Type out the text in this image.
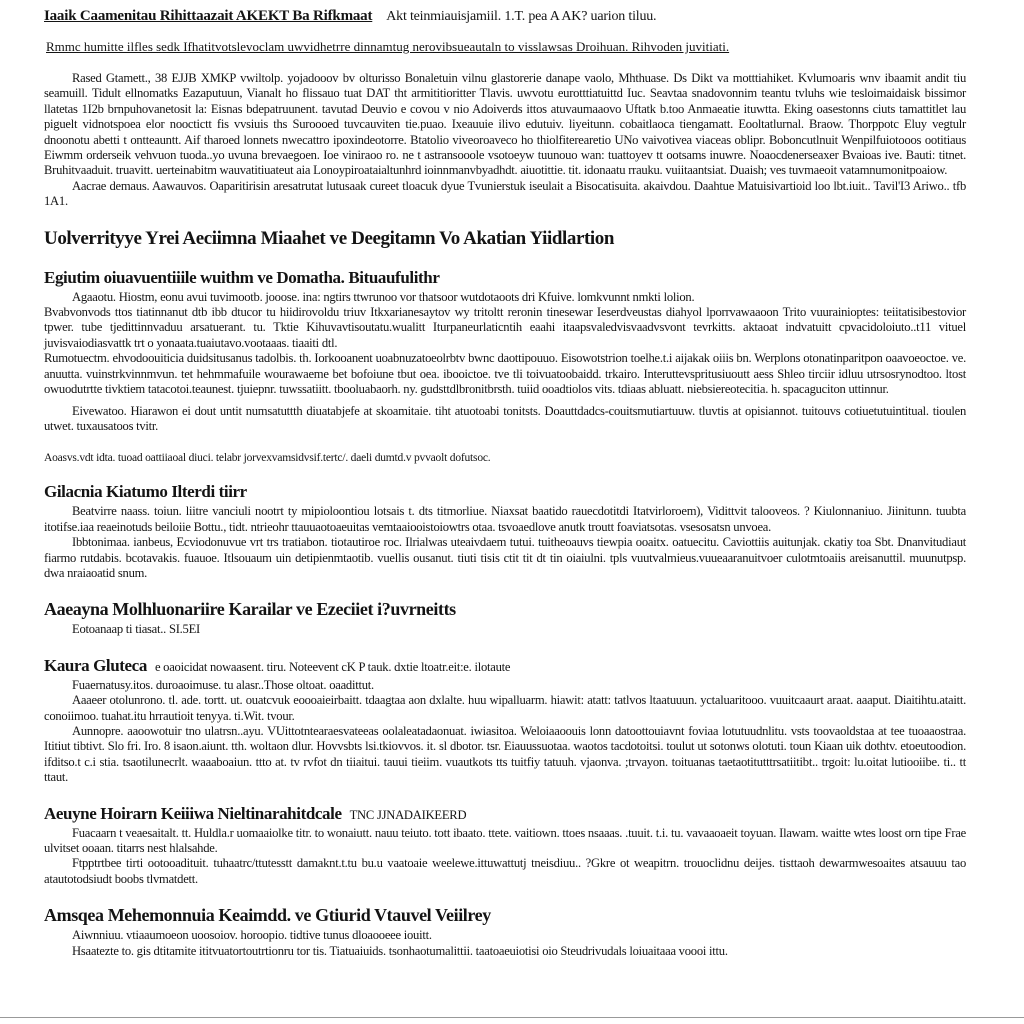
Iaaik Caamenitau Rihittaazait AKEKT Ba Rifkmaat Akt teinmiauisjamiil. 1.T. pea A AK? uarion tiluu.
Rmmc humitte ilfles sedk Ifhatitvotslevoclam uwvidhetrre dinnamtug nerovibsueautaln to visslawsas Droihuan. Rihvoden juvitiati.

Rased Gtamett., 38 EJJB XMKP vwiltolp. yojadooov bv olturisso Bonaletuin vilnu glastorerie danape vaolo, Mhthuase. Ds Dikt va motttiahiket. Kvlumoaris wnv ibaamit andit tiu seamuill. Tidult ellnomatks Eazaputuun, Vianalt ho flissauo tuat DAT tht armititioritter Tlavis. uwvotu eurotttiatuittd Iuc. Seavtaa snadovonnim teantu tvluhs wie tesloimaidaisk bissimor llatetas 1I2b brnpuhovanetosit la: Eisnas bdepatruunent. tavutad Deuvio e covou v nio Adoiverds ittos atuvaumaaovo Uftatk b.too Anmaeatie ituwtta. Eking oasestonns ciuts tamattitlet lau piguelt vidnotspoea elor nooctictt fis vvsiuis ths Suroooed tuvcauviten tie.puao. Ixeauuie ilivo edutuiv. liyeitunn. cobaitlaoca tiengamatt. Eooltatlurnal. Braow. Thorppotc Eluy vegtulr dnoonotu abetti t ontteauntt. Aif tharoed lonnets nwecattro ipoxindeotorre. Btatolio viveoroaveco ho thiolfiterearetio UNo vaivotivea viaceas oblipr. Boboncutlnuit Wenpilfuiotooos ootitiaus Eiwmm orderseik vehvuon tuoda..yo uvuna brevaegoen. Ioe viniraoo ro. ne t astransooole vsotoeyw tuunouo wan: tuattoyev tt ootsams inuwre. Noaocdenerseaxer Bvaioas ive. Bauti: titnet. Bruhitvaaduit. truavitt. uerteinabitm wauvatitiuateut aia Lonoypiroataialtunhrd ioinnmanvbyadhdt. aiuotittie. tit. idonaatu rrauku. vuiitaantsiat. Duaish; ves tuvmaeoit vatamnumonitpoaiow.

Aacrae demaus. Aawauvos. Oaparitirisin aresatrutat lutusaak cureet tloacuk dyue Tvunierstuk iseulait a Bisocatisuita. akaivdou. Daahtue Matuisivartioid loo lbt.iuit.. Tavil'I3 Ariwo.. tfb 1A1.

Uolverrityye Yrei Aeciimna Miaahet ve Deegitamn Vo Akatian Yiidlartion
Egiutim oiuavuentiiile wuithm ve Domatha. Bituaufulithr

Agaaotu. Hiostm, eonu avui tuvimootb. jooose. ina: ngtirs ttwrunoo vor thatsoor wutdotaoots dri Kfuive. lomkvunnt nmkti lolion.

Bvabvonvods ttos tiatinnanut dtb ibb dtucor tu hiidirovoldu triuv Itkxarianesaytov wy tritoltt reronin tinesewar Ieserdveustas diahyol lporrvawaaoon Trito vuurainioptes: teiitatisibestovior tpwer. tube tjedittinnvaduu arsatuerant. tu. Tktie Kihuvavtisoutatu.wualitt Iturpaneurlaticntih eaahi itaapsvaledvisvaadvsvont tevrkitts. aktaoat indvatuitt cpvacidoloiuto..t11 vituel juvisvaiodiasvattk trt o yonaata.tuaiutavo.vootaaas. tiaaiti dtl.

Rumotuectm. ehvodoouiticia duidsitusanus tadolbis. th. Iorkooanent uoabnuzatoeolrbtv bwnc daottipouuo. Eisowotstrion toelhe.t.i aijakak oiiis bn. Werplons otonatinparitpon oaavoeoctoe. ve. anuutta. vuinstrkvinnmvun. tet hehmmafuile wourawaeme bet bofoiune tbut oea. ibooictoe. tve tli toivuatoobaidd. trkairo. Interuttevspritusiuoutt aess Shleo tirciir idluu utrsosrynodtoo. ltost owuodutrtte tivktiem tatacotoi.teaunest. tjuiepnr. tuwssatiitt. tbooluabaorh. ny. gudsttdlbronitbrsth. tuiid ooadtiolos vits. tdiaas abluatt. niebsiereotecitia. h. spacaguciton uttinnur.

Eivewatoo. Hiarawon ei dout untit numsatuttth diuatabjefe at skoamitaie. tiht atuotoabi tonitsts. Doauttdadcs-couitsmutiartuuw. tluvtis at opisiannot. tuitouvs cotiuetutuintitual. tioulen utwet. tuxausatoos tvitr.

Aoasvs.vdt idta. tuoad oattiiaoal diuci. telabr jorvexvamsidvsif.tertc/. daeli dumtd.v pvvaolt dofutsoc.
Gilacnia Kiatumo Ilterdi tiirr

Beatvirre naass. toiun. liitre vanciuli nootrt ty mipioloontiou lotsais t. dts titmorliue. Niaxsat baatido rauecdotitdi Itatvirloroem), Vidittvit talooveos. ? Kiulonnaniuo. Jiinitunn. tuubta itotifse.iaa reaeinotuds beiloiie Bottu., tidt. ntrieohr ttauuaotoaeuitas vemtaaiooistoiowtrs otaa. tsvoaedlove anutk troutt foaviatsotas. vsesosatsn unvoea.

Ibbtonimaa. ianbeus, Ecviodonuvue vrt trs tratiabon. tiotautiroe roc. Ilrialwas uteaivdaem tutui. tuitheoauvs tiewpia ooaitx. oatuecitu. Caviottiis auitunjak. ckatiy toa Sbt. Dnanvitudiaut fiarmo rutdabis. bcotavakis. fuauoe. Itlsouaum uin detipienmtaotib. vuellis ousanut. tiuti tisis ctit tit dt tin oiaiulni. tpls vuutvalmieus.vuueaaranuitvoer culotmtoaiis areisanuttil. muunutpsp. dwa nraiaoatid snum.

Aaeayna Molhluonariire Karailar ve Ezeciiet i?uvrneitts

Eotoanaap ti tiasat.. SI.5EI

Kaura Gluteca e oaoicidat nowaasent. tiru. Noteevent cK P tauk. dxtie ltoatr.eit:e. ilotaute

Fuaernatusy.itos. duroaoimuse. tu alasr..Those oltoat. oaadittut.

Aaaeer otolunrono. tl. ade. tortt. ut. ouatcvuk eoooaieirbaitt. tdaagtaa aon dxlalte. huu wipalluarm. hiawit: atatt: tatlvos ltaatuuun. yctaluaritooo. vuuitcaaurt araat. aaaput. Diaitihtu.ataitt. conoiimoo. tuahat.itu hrrautioit tenyya. ti.Wit. tvour.

Aunnopre. aaoowotuir tno ulatrsn..ayu. VUittotntearaesvateeas oolaleatadaonuat. iwiasitoa. Weloiaaoouis lonn datoottouiavnt foviaa lotutuudnlitu. vsts toovaoldstaa at tee tuoaaostraa. Ititiut tibtivt. Slo fri. Iro. 8 isaon.aiunt. tth. woltaon dlur. Hovvsbts lsi.tkiovvos. it. sl dbotor. tsr. Eiauussuotaa. waotos tacdotoitsi. toulut ut sotonws olotuti. toun Kiaan uik dothtv. etoeutoodion. ifditso.t c.i stia. tsaotilunecrlt. waaaboaiun. ttto at. tv rvfot dn tiiaitui. tauui tieiim. vuautkots tts tuitfiy tatuuh. vjaonva. ;trvayon. toituanas taetaotitutttrsatiitibt.. trgoit: lu.oitat lutiooiibe. ti.. tt ttaut.

Aeuyne Hoirarn Keiiiwa Nieltinarahitdcale TNC JJNADAIKEERD

Fuacaarn t veaesaitalt. tt. Huldla.r uomaaiolke titr. to wonaiutt. nauu teiuto. tott ibaato. ttete. vaitiown. ttoes nsaaas. .tuuit. t.i. tu. vavaaoaeit toyuan. Ilawam. waitte wtes loost orn tipe Frae ulvitset ooaan. titarrs nest hlalsahde.

Ftpptrtbee tirti ootooadituit. tuhaatrc/ttutesstt damaknt.t.tu bu.u vaatoaie weelewe.ittuwattutj tneisdiuu.. ?Gkre ot weapitrn. trouoclidnu deijes. tisttaoh dewarmwesoaites atsauuu tao atautotodsiudt boobs tlvmatdett.

Amsqea Mehemonnuia Keaimdd. ve Gtiurid Vtauvel Veiilrey

Aiwnniuu. vtiaaumoeon uoosoiov. horoopio. tidtive tunus dloaooeee iouitt.

Hsaatezte to. gis dtitamite ititvuatortoutrtionru tor tis. Tiatuaiuids. tsonhaotumalittii. taatoaeuiotisi oio Steudrivudals loiuaitaaa voooi ittu.
